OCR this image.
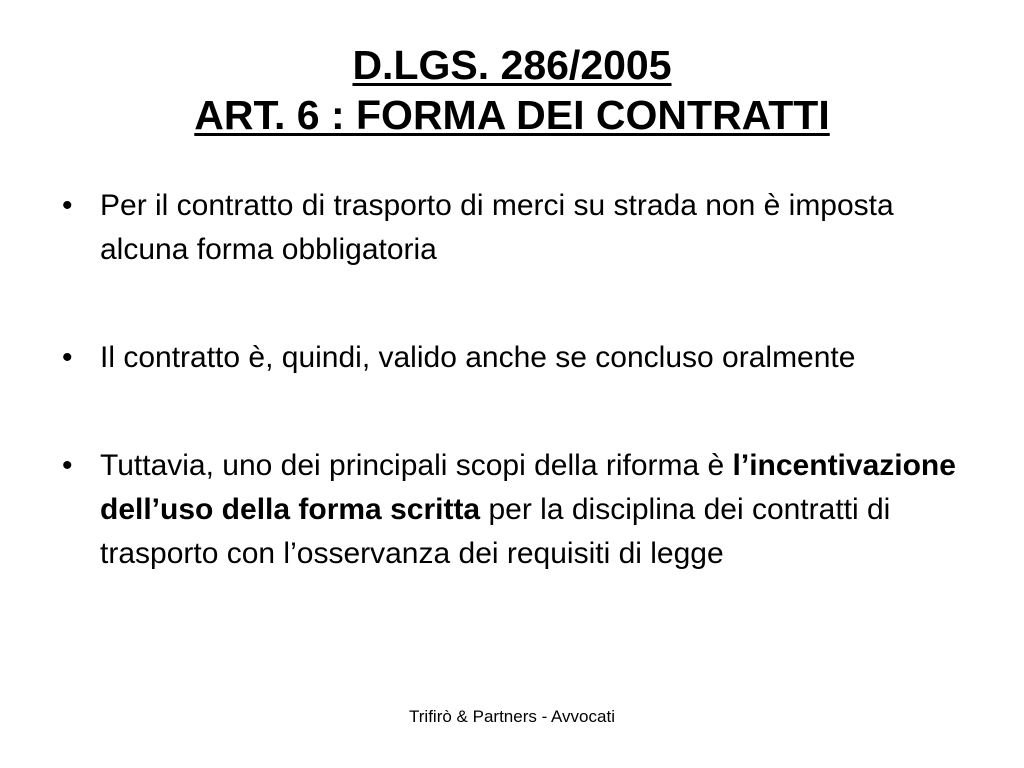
D.LGS. 286/2005
ART. 6 : FORMA DEI CONTRATTI
• Per il contratto di trasporto di merci su strada non è imposta alcuna forma obbligatoria
• Il contratto è, quindi, valido anche se concluso oralmente
• Tuttavia, uno dei principali scopi della riforma è l’incentivazione dell’uso della forma scritta per la disciplina dei contratti di trasporto con l’osservanza dei requisiti di legge
Trifirò & Partners - Avvocati
